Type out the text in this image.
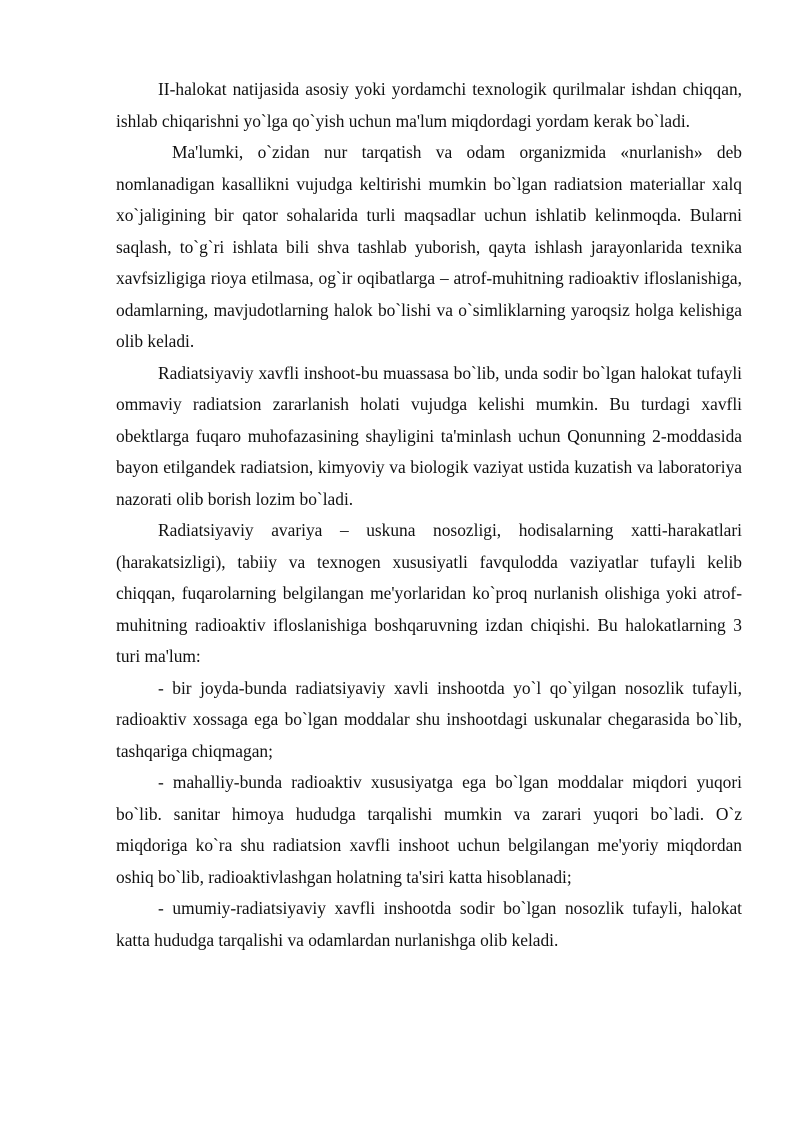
II-halokat natijasida asosiy yoki yordamchi texnologik qurilmalar ishdan chiqqan, ishlab chiqarishni yo`lga qo`yish uchun ma'lum miqdordagi yordam kerak bo`ladi.

Ma'lumki, o`zidan nur tarqatish va odam organizmida «nurlanish» deb nomlanadigan kasallikni vujudga keltirishi mumkin bo`lgan radiatsion materiallar xalq xo`jaligining bir qator sohalarida turli maqsadlar uchun ishlatib kelinmoqda. Bularni saqlash, to`g`ri ishlata bili shva tashlab yuborish, qayta ishlash jarayonlarida texnika xavfsizligiga rioya etilmasa, og`ir oqibatlarga – atrof-muhitning radioaktiv ifloslanishiga, odamlarning, mavjudotlarning halok bo`lishi va o`simliklarning yaroqsiz holga kelishiga olib keladi.

Radiatsiyaviy xavfli inshoot-bu muassasa bo`lib, unda sodir bo`lgan halokat tufayli ommaviy radiatsion zararlanish holati vujudga kelishi mumkin. Bu turdagi xavfli obektlarga fuqaro muhofazasining shayligini ta'minlash uchun Qonunning 2-moddasida bayon etilgandek radiatsion, kimyoviy va biologik vaziyat ustida kuzatish va laboratoriya nazorati olib borish lozim bo`ladi.

Radiatsiyaviy avariya – uskuna nosozligi, hodisalarning xatti-harakatlari (harakatsizligi), tabiiy va texnogen xususiyatli favqulodda vaziyatlar tufayli kelib chiqqan, fuqarolarning belgilangan me'yorlaridan ko`proq nurlanish olishiga yoki atrof-muhitning radioaktiv ifloslanishiga boshqaruvning izdan chiqishi. Bu halokatlarning 3 turi ma'lum:

- bir joyda-bunda radiatsiyaviy xavli inshootda yo`l qo`yilgan nosozlik tufayli, radioaktiv xossaga ega bo`lgan moddalar shu inshootdagi uskunalar chegarasida bo`lib, tashqariga chiqmagan;

- mahalliy-bunda radioaktiv xususiyatga ega bo`lgan moddalar miqdori yuqori bo`lib. sanitar himoya hududga tarqalishi mumkin va zarari yuqori bo`ladi. O`z miqdoriga ko`ra shu radiatsion xavfli inshoot uchun belgilangan me'yoriy miqdordan oshiq bo`lib, radioaktivlashgan holatning ta'siri katta hisoblanadi;

- umumiy-radiatsiyaviy xavfli inshootda sodir bo`lgan nosozlik tufayli, halokat katta hududga tarqalishi va odamlardan nurlanishga olib keladi.
